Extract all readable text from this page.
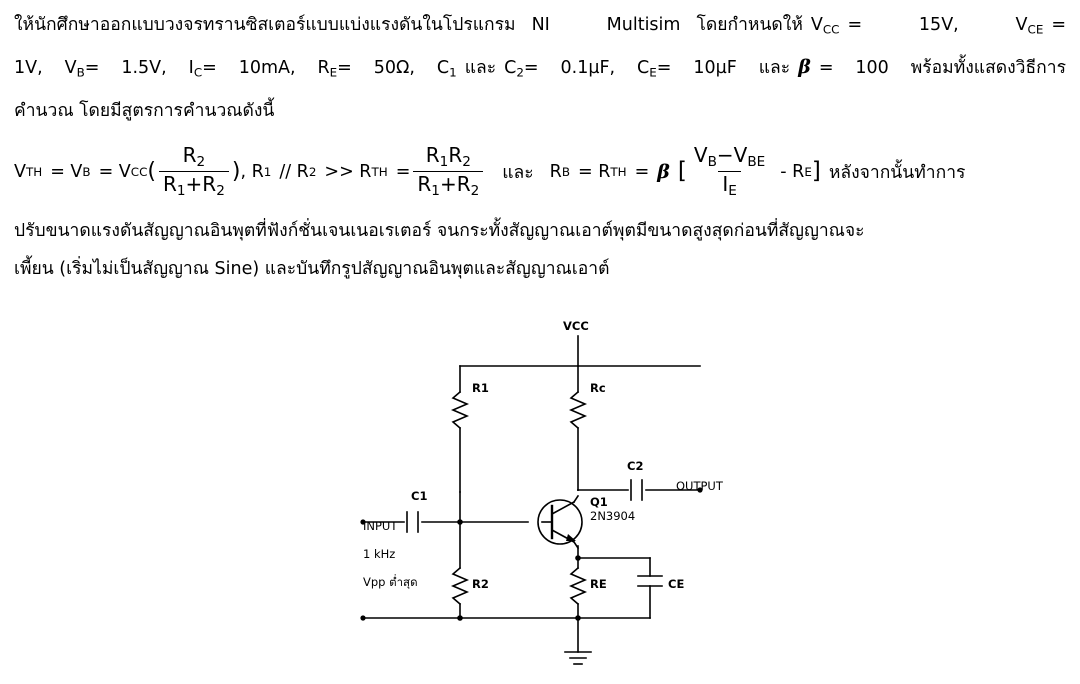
ให้นักศึกษาออกแบบวงจรทรานซิสเตอร์แบบแบ่งแรงดันในโปรแกรม NI Multisim โดยกำหนดให้ $V_{CC} = 15V$, $V_{CE}$ =
1V, $V_B= 1.5V$, $I_C= 10mA$, $R_E= 50\Omega$, $C_1$ และ $C_2= 0.1\mu F$, $C_E= 10\mu F$ และ β = 100 พร้อมทั้งแสดงวิธีการ
คำนวณ โดยมีสูตรการคำนวณดังนี้
V TH = V B = V CC ( $\frac{R_2}{R_1+R_2}$ ) , R 1 // R 2 >> R TH = $\frac{R_1R_2}{R_1+R_2}$ และ R B = R TH = β [ $\frac{V_B-V_{BE}}{I_E}$ - R E ] หลังจากนั้นทำการ
ปรับขนาดแรงดันสัญญาณอินพุตที่ฟังก์ชั่นเจนเนอเรเตอร์ จนกระทั้งสัญญาณเอาต์พุตมีขนาดสูงสุดก่อนที่สัญญาณจะ
เพี้ยน (เริ่มไม่เป็นสัญญาณ Sine) และบันทึกรูปสัญญาณอินพุตและสัญญาณเอาต์
VCC
R1	Rc
C2
C1	Q1
2N3904
OUTPUT
INPUT
1 kHz
Vpp ต่ำสุด	R2	RE	CE
